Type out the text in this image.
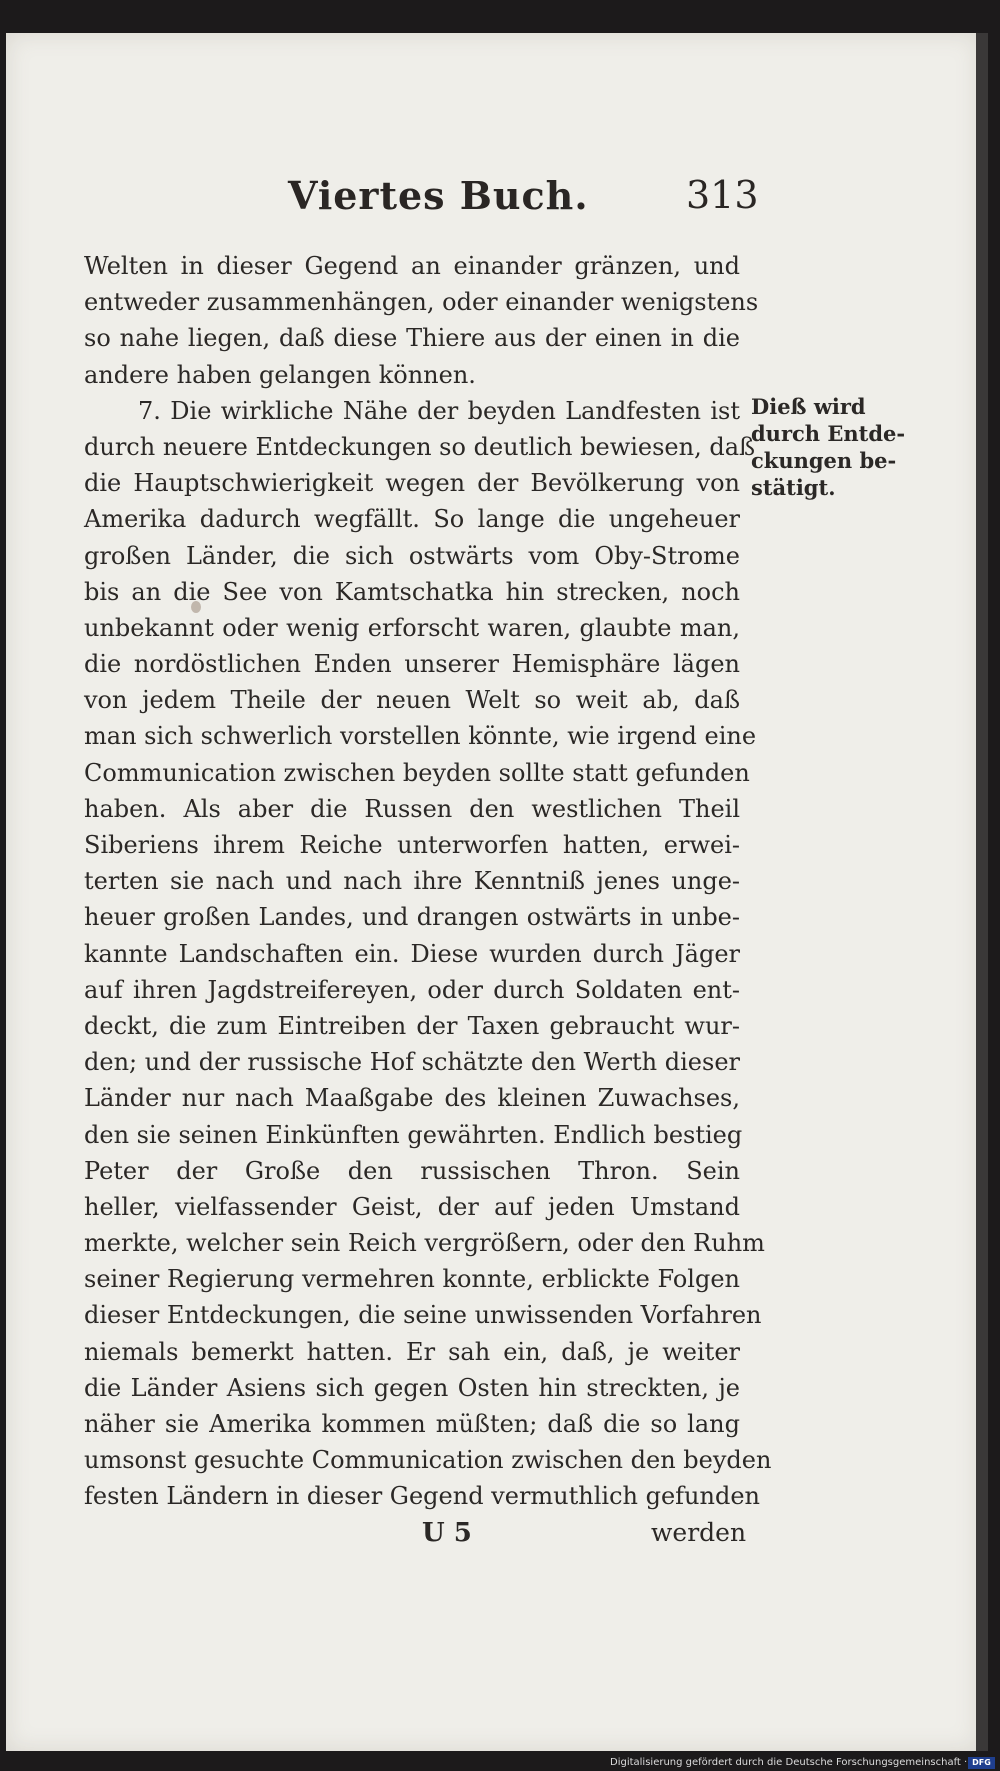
Viertes Buch.	313
Welten in dieser Gegend an einander gränzen, und
entweder zusammenhängen, oder einander wenigstens
so nahe liegen, daß diese Thiere aus der einen in die
andere haben gelangen können.
7. Die wirkliche Nähe der beyden Landfesten ist
durch neuere Entdeckungen so deutlich bewiesen, daß
die Hauptschwierigkeit wegen der Bevölkerung von
Amerika dadurch wegfällt. So lange die ungeheuer
großen Länder, die sich ostwärts vom Oby-Strome
bis an die See von Kamtschatka hin strecken, noch
unbekannt oder wenig erforscht waren, glaubte man,
die nordöstlichen Enden unserer Hemisphäre lägen
von jedem Theile der neuen Welt so weit ab, daß
man sich schwerlich vorstellen könnte, wie irgend eine
Communication zwischen beyden sollte statt gefunden
haben. Als aber die Russen den westlichen Theil
Siberiens ihrem Reiche unterworfen hatten, erwei-
terten sie nach und nach ihre Kenntniß jenes unge-
heuer großen Landes, und drangen ostwärts in unbe-
kannte Landschaften ein. Diese wurden durch Jäger
auf ihren Jagdstreifereyen, oder durch Soldaten ent-
deckt, die zum Eintreiben der Taxen gebraucht wur-
den; und der russische Hof schätzte den Werth dieser
Länder nur nach Maaßgabe des kleinen Zuwachses,
den sie seinen Einkünften gewährten. Endlich bestieg
Peter der Große den russischen Thron. Sein
heller, vielfassender Geist, der auf jeden Umstand
merkte, welcher sein Reich vergrößern, oder den Ruhm
seiner Regierung vermehren konnte, erblickte Folgen
dieser Entdeckungen, die seine unwissenden Vorfahren
niemals bemerkt hatten. Er sah ein, daß, je weiter
die Länder Asiens sich gegen Osten hin streckten, je
näher sie Amerika kommen müßten; daß die so lang
umsonst gesuchte Communication zwischen den beyden
festen Ländern in dieser Gegend vermuthlich gefunden
Dieß wird
durch Entde-
ckungen be-
stätigt.
U 5	werden
Digitalisierung gefördert durch die Deutsche Forschungsgemeinschaft · DFG
